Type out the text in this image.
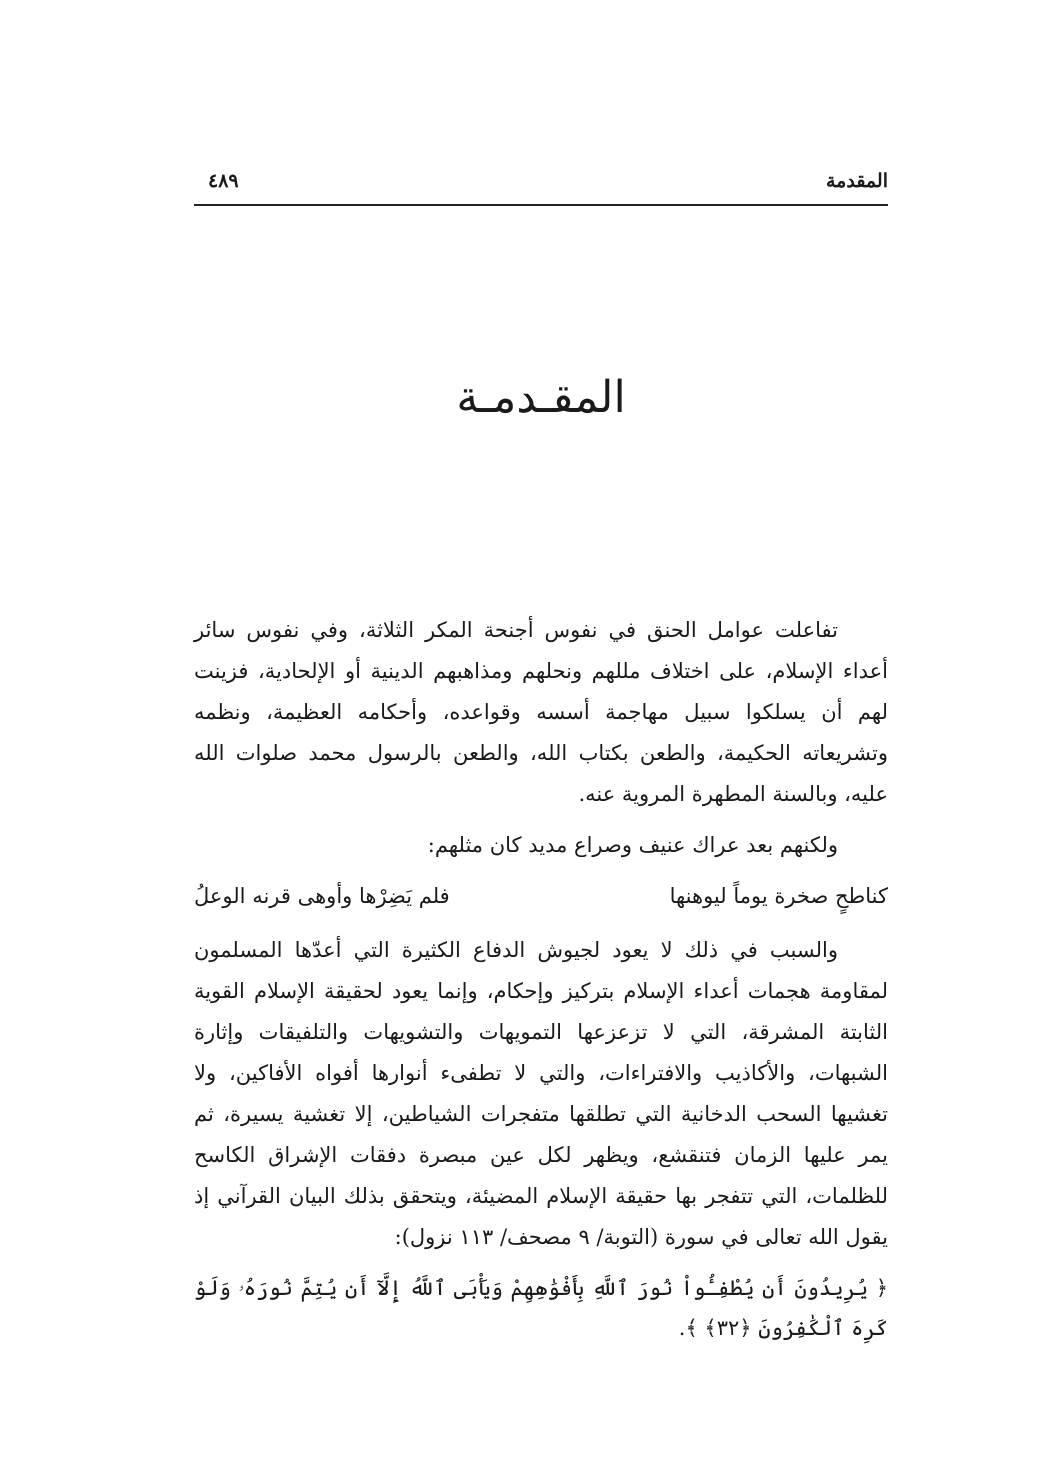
المقدمة
٤٨٩
المقـدمـة

تفاعلت عوامل الحنق في نفوس أجنحة المكر الثلاثة، وفي نفوس سائر أعداء الإسلام، على اختلاف مللهم ونحلهم ومذاهبهم الدينية أو الإلحادية، فزينت لهم أن يسلكوا سبيل مهاجمة أسسه وقواعده، وأحكامه العظيمة، ونظمه وتشريعاته الحكيمة، والطعن بكتاب الله، والطعن بالرسول محمد صلوات الله عليه، وبالسنة المطهرة المروية عنه.

ولكنهم بعد عراك عنيف وصراع مديد كان مثلهم:

كناطحٍ صخرة يوماً ليوهنها
فلم يَضِرْها وأوهى قرنه الوعلُ

والسبب في ذلك لا يعود لجيوش الدفاع الكثيرة التي أعدّها المسلمون لمقاومة هجمات أعداء الإسلام بتركيز وإحكام، وإنما يعود لحقيقة الإسلام القوية الثابتة المشرقة، التي لا تزعزعها التمويهات والتشويهات والتلفيقات وإثارة الشبهات، والأكاذيب والافتراءات، والتي لا تطفىء أنوارها أفواه الأفاكين، ولا تغشيها السحب الدخانية التي تطلقها متفجرات الشياطين، إلا تغشية يسيرة، ثم يمر عليها الزمان فتنقشع، ويظهر لكل عين مبصرة دفقات الإشراق الكاسح للظلمات، التي تتفجر بها حقيقة الإسلام المضيئة، ويتحقق بذلك البيان القرآني إذ يقول الله تعالى في سورة (التوبة/ ٩ مصحف/ ١١٣ نزول):

﴿ يُرِيدُونَ أَن يُطْفِـُٔواْ نُورَ ٱللَّهِ بِأَفْوَٰهِهِمْ وَيَأْبَى ٱللَّهُ إِلَّآ أَن يُتِمَّ نُورَهُۥ وَلَوْ كَرِهَ ٱلْكَٰفِرُونَ ﴿٣٢﴾ ﴾.
